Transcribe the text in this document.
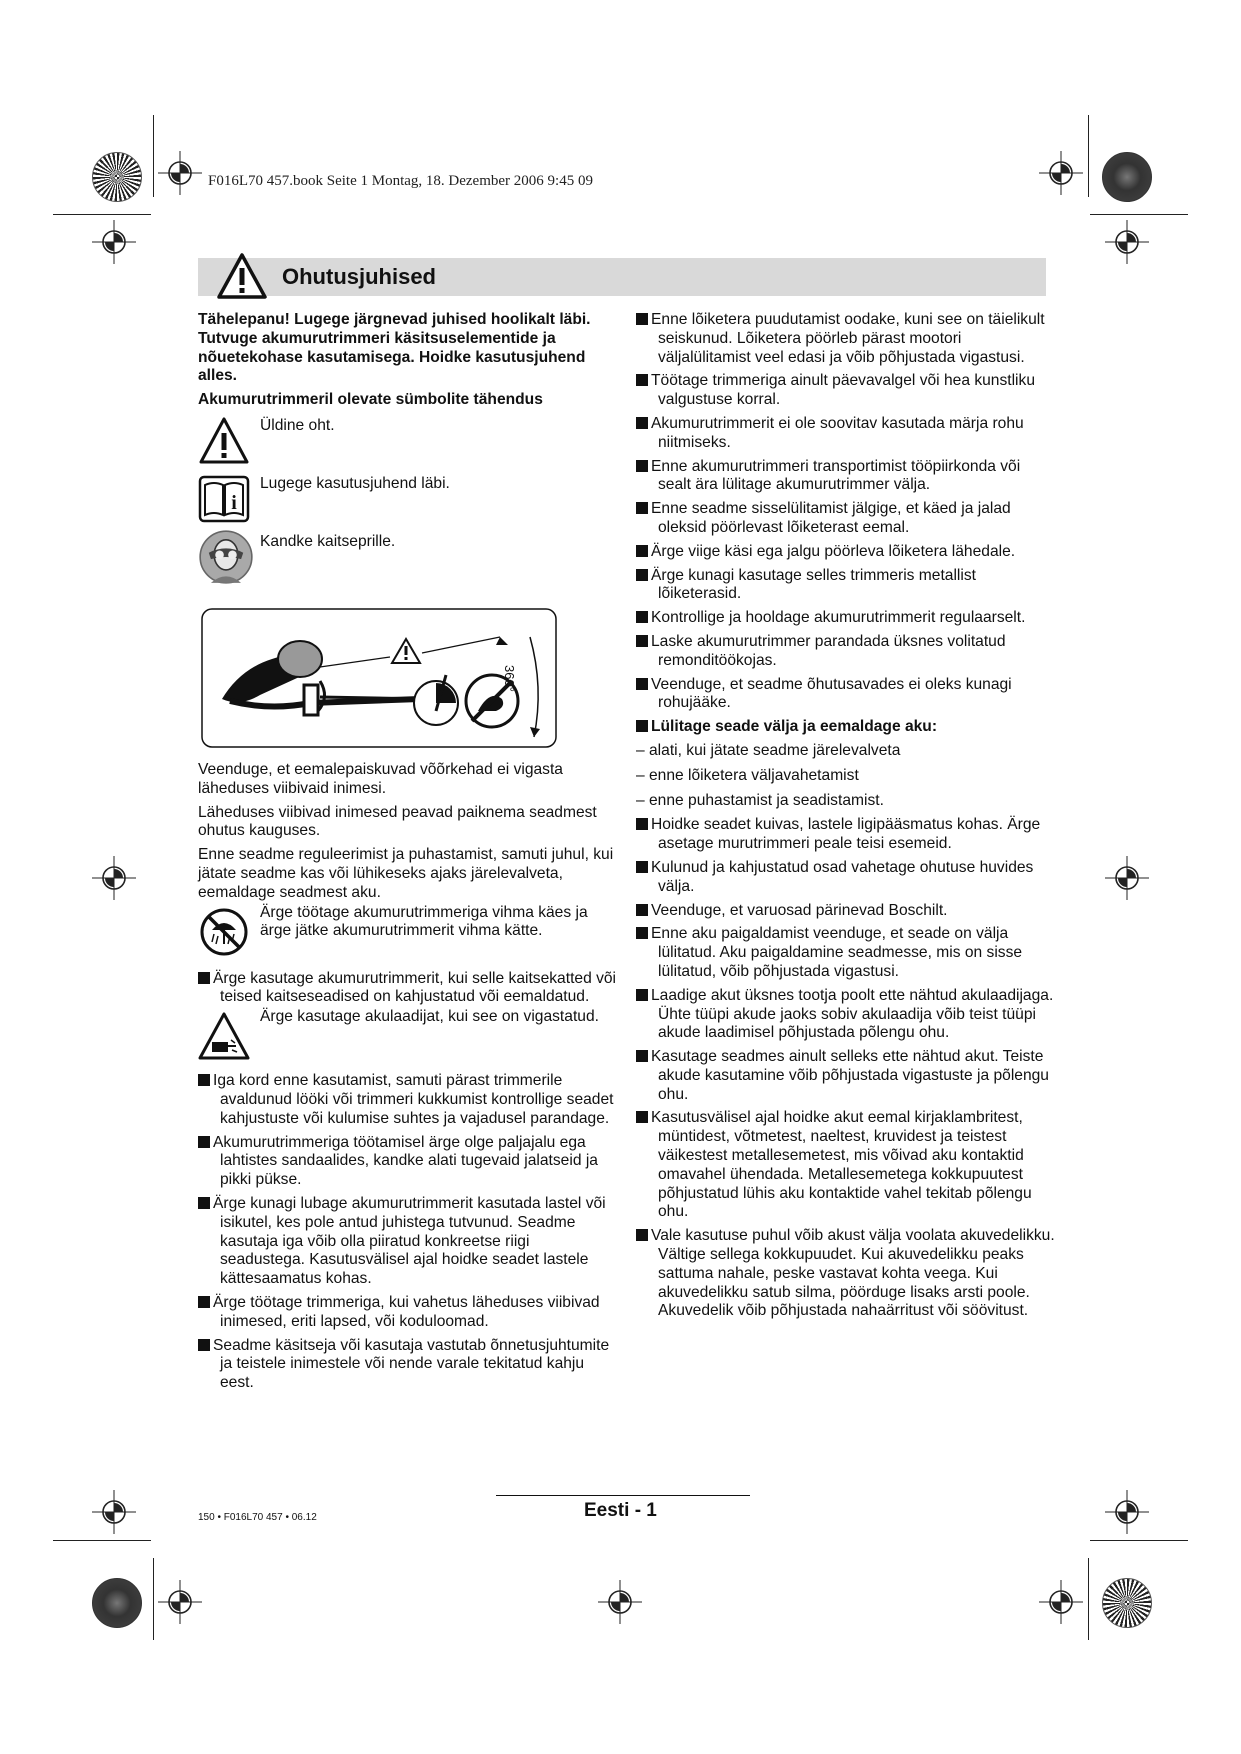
F016L70 457.book Seite 1 Montag, 18. Dezember 2006 9:45 09
Ohutusjuhised

Tähelepanu! Lugege järgnevad juhised hoolikalt läbi. Tutvuge akumurutrimmeri käsitsuselementide ja nõuetekohase kasutamisega. Hoidke kasutusjuhend alles.

Akumurutrimmeril olevate sümbolite tähendus

Üldine oht.
i
Lugege kasutusjuhend läbi.
Kandke kaitseprille.
360°

Veenduge, et eemalepaiskuvad võõrkehad ei vigasta läheduses viibivaid inimesi.

Läheduses viibivad inimesed peavad paiknema seadmest ohutus kauguses.

Enne seadme reguleerimist ja puhastamist, samuti juhul, kui jätate seadme kas või lühikeseks ajaks järelevalveta, eemaldage seadmest aku.

Ärge töötage akumurutrimmeriga vihma käes ja ärge jätke akumurutrimmerit vihma kätte.

Ärge kasutage akumurutrimmerit, kui selle kaitsekatted või teised kaitseseadised on kahjustatud või eemaldatud.

Ärge kasutage akulaadijat, kui see on vigastatud.

Iga kord enne kasutamist, samuti pärast trimmerile avaldunud lööki või trimmeri kukkumist kontrollige seadet kahjustuste või kulumise suhtes ja vajadusel parandage.

Akumurutrimmeriga töötamisel ärge olge paljajalu ega lahtistes sandaalides, kandke alati tugevaid jalatseid ja pikki pükse.

Ärge kunagi lubage akumurutrimmerit kasutada lastel või isikutel, kes pole antud juhistega tutvunud. Seadme kasutaja iga võib olla piiratud konkreetse riigi seadustega. Kasutusvälisel ajal hoidke seadet lastele kättesaamatus kohas.

Ärge töötage trimmeriga, kui vahetus läheduses viibivad inimesed, eriti lapsed, või koduloomad.

Seadme käsitseja või kasutaja vastutab õnnetusjuhtumite ja teistele inimestele või nende varale tekitatud kahju eest.

Enne lõiketera puudutamist oodake, kuni see on täielikult seiskunud. Lõiketera pöörleb pärast mootori väljalülitamist veel edasi ja võib põhjustada vigastusi.

Töötage trimmeriga ainult päevavalgel või hea kunstliku valgustuse korral.

Akumurutrimmerit ei ole soovitav kasutada märja rohu niitmiseks.

Enne akumurutrimmeri transportimist tööpiirkonda või sealt ära lülitage akumurutrimmer välja.

Enne seadme sisselülitamist jälgige, et käed ja jalad oleksid pöörlevast lõiketerast eemal.

Ärge viige käsi ega jalgu pöörleva lõiketera lähedale.

Ärge kunagi kasutage selles trimmeris metallist lõiketerasid.

Kontrollige ja hooldage akumurutrimmerit regulaarselt.

Laske akumurutrimmer parandada üksnes volitatud remonditöökojas.

Veenduge, et seadme õhutusavades ei oleks kunagi rohujääke.

Lülitage seade välja ja eemaldage aku:

– alati, kui jätate seadme järelevalveta

– enne lõiketera väljavahetamist

– enne puhastamist ja seadistamist.

Hoidke seadet kuivas, lastele ligipääsmatus kohas. Ärge asetage murutrimmeri peale teisi esemeid.

Kulunud ja kahjustatud osad vahetage ohutuse huvides välja.

Veenduge, et varuosad pärinevad Boschilt.

Enne aku paigaldamist veenduge, et seade on välja lülitatud. Aku paigaldamine seadmesse, mis on sisse lülitatud, võib põhjustada vigastusi.

Laadige akut üksnes tootja poolt ette nähtud akulaadijaga. Ühte tüüpi akude jaoks sobiv akulaadija võib teist tüüpi akude laadimisel põhjustada põlengu ohu.

Kasutage seadmes ainult selleks ette nähtud akut. Teiste akude kasutamine võib põhjustada vigastuste ja põlengu ohu.

Kasutusvälisel ajal hoidke akut eemal kirjaklambritest, müntidest, võtmetest, naeltest, kruvidest ja teistest väikestest metallesemetest, mis võivad aku kontaktid omavahel ühendada. Metallesemetega kokkupuutest põhjustatud lühis aku kontaktide vahel tekitab põlengu ohu.

Vale kasutuse puhul võib akust välja voolata akuvedelikku. Vältige sellega kokkupuudet. Kui akuvedelikku peaks sattuma nahale, peske vastavat kohta veega. Kui akuvedelikku satub silma, pöörduge lisaks arsti poole. Akuvedelik võib põhjustada nahaärritust või söövitust.

150 • F016L70 457 • 06.12	Eesti - 1
